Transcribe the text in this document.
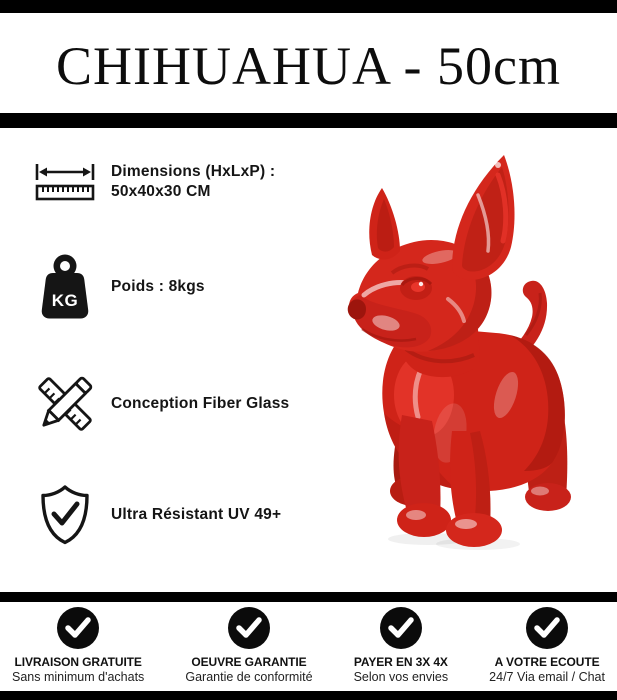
CHIHUAHUA - 50cm
Dimensions (HxLxP) :
50x40x30 CM
KG
Poids : 8kgs
Conception Fiber Glass
Ultra Résistant UV 49+
LIVRAISON GRATUITE
Sans minimum d'achats
OEUVRE GARANTIE
Garantie de conformité
PAYER EN 3X 4X
Selon vos envies
A VOTRE ECOUTE
24/7 Via email / Chat
